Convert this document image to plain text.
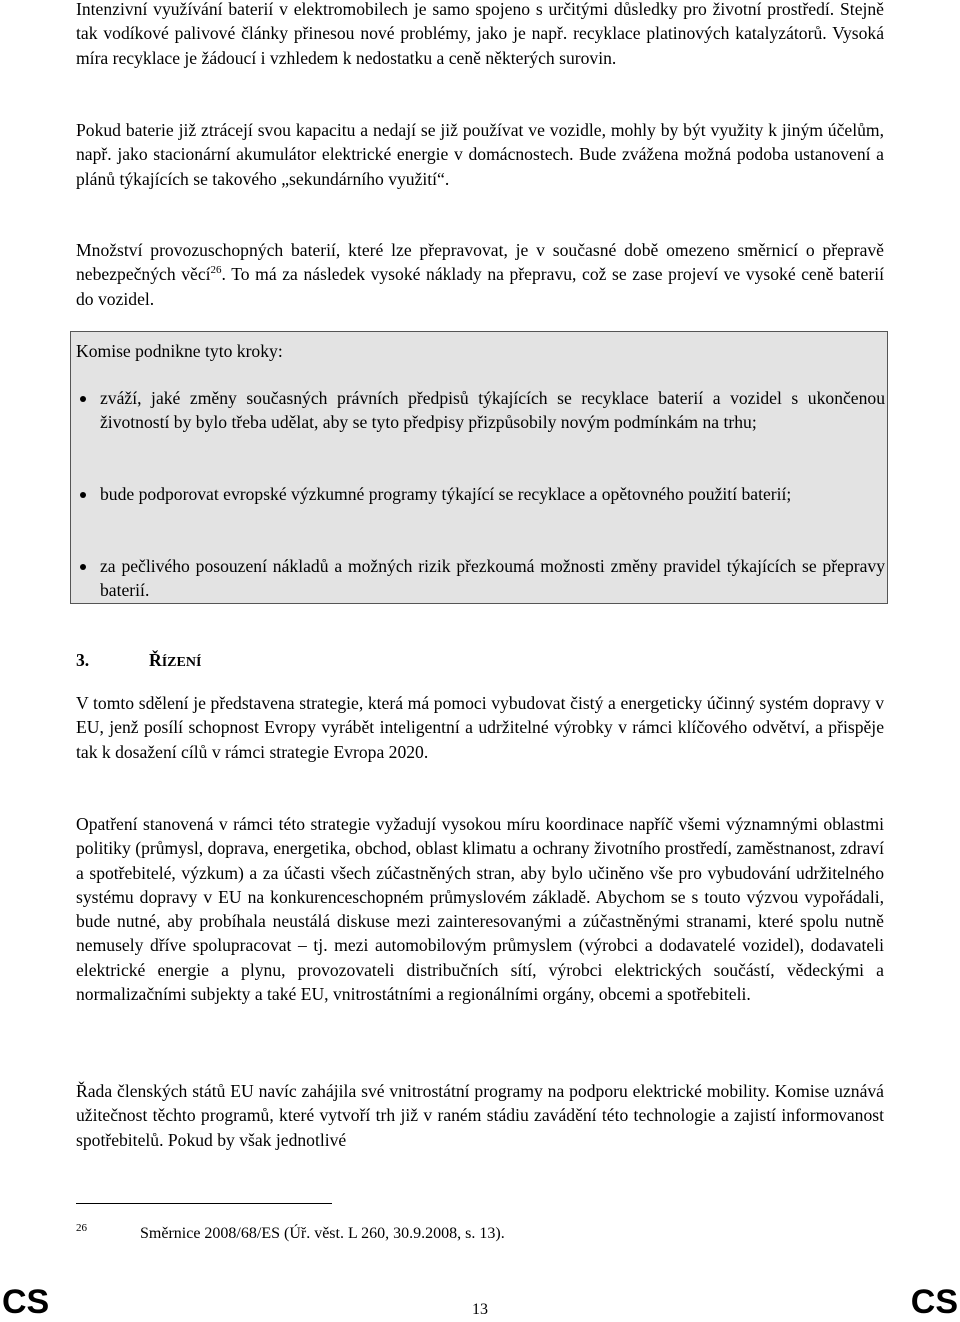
Intenzivní využívání baterií v elektromobilech je samo spojeno s určitými důsledky pro životní prostředí. Stejně tak vodíkové palivové články přinesou nové problémy, jako je např. recyklace platinových katalyzátorů. Vysoká míra recyklace je žádoucí i vzhledem k nedostatku a ceně některých surovin.

Pokud baterie již ztrácejí svou kapacitu a nedají se již používat ve vozidle, mohly by být využity k jiným účelům, např. jako stacionární akumulátor elektrické energie v domácnostech. Bude zvážena možná podoba ustanovení a plánů týkajících se takového „sekundárního využití“.

Množství provozuschopných baterií, které lze přepravovat, je v současné době omezeno směrnicí o přepravě nebezpečných věcí$^{26}$. To má za následek vysoké náklady na přepravu, což se zase projeví ve vysoké ceně baterií do vozidel.

Komise podnikne tyto kroky:
zváží, jaké změny současných právních předpisů týkajících se recyklace baterií a vozidel s ukončenou životností by bylo třeba udělat, aby se tyto předpisy přizpůsobily novým podmínkám na trhu;
bude podporovat evropské výzkumné programy týkající se recyklace a opětovného použití baterií;
za pečlivého posouzení nákladů a možných rizik přezkoumá možnosti změny pravidel týkajících se přepravy baterií.
3.	ŘÍZENÍ

V tomto sdělení je představena strategie, která má pomoci vybudovat čistý a energeticky účinný systém dopravy v EU, jenž posílí schopnost Evropy vyrábět inteligentní a udržitelné výrobky v rámci klíčového odvětví, a přispěje tak k dosažení cílů v rámci strategie Evropa 2020.

Opatření stanovená v rámci této strategie vyžadují vysokou míru koordinace napříč všemi významnými oblastmi politiky (průmysl, doprava, energetika, obchod, oblast klimatu a ochrany životního prostředí, zaměstnanost, zdraví a spotřebitelé, výzkum) a za účasti všech zúčastněných stran, aby bylo učiněno vše pro vybudování udržitelného systému dopravy v EU na konkurenceschopném průmyslovém základě. Abychom se s touto výzvou vypořádali, bude nutné, aby probíhala neustálá diskuse mezi zainteresovanými a zúčastněnými stranami, které spolu nutně nemusely dříve spolupracovat – tj. mezi automobilovým průmyslem (výrobci a dodavatelé vozidel), dodavateli elektrické energie a plynu, provozovateli distribučních sítí, výrobci elektrických součástí, vědeckými a normalizačními subjekty a také EU, vnitrostátními a regionálními orgány, obcemi a spotřebiteli.

Řada členských států EU navíc zahájila své vnitrostátní programy na podporu elektrické mobility. Komise uznává užitečnost těchto programů, které vytvoří trh již v raném stádiu zavádění této technologie a zajistí informovanost spotřebitelů. Pokud by však jednotlivé

26	Směrnice 2008/68/ES (Úř. věst. L 260, 30.9.2008, s. 13).
CS	13	CS
